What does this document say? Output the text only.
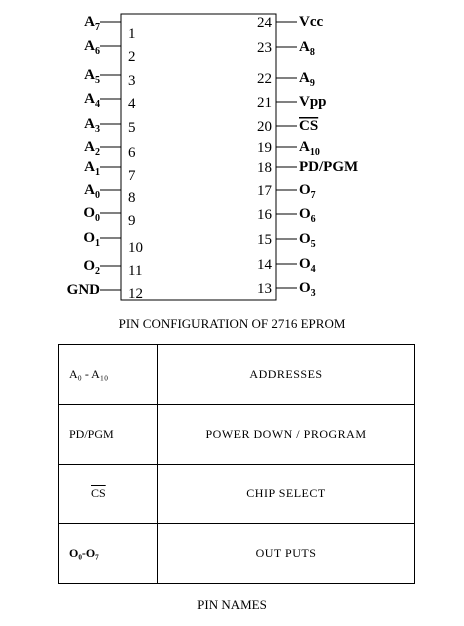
$A_7$ 1
$A_6$ 2
$A_5$ 3
$A_4$ 4
$A_3$ 5
$A_2$ 6
$A_1$ 7
$A_0$ 8
$O_0$ 9
$O_1$ 10
$O_2$ 11
GND 12
Vcc
24
$A_8$
23
$A_9$
22
Vpp
21
CS
20
$A_{10}$
19
PD/PGM
18
$O_7$
17
$O_6$
16
$O_5$
15
$O_4$
14
$O_3$
13
PIN CONFIGURATION OF 2716 EPROM
A₀ - A₁₀	ADDRESSES
PD/PGM	POWER DOWN / PROGRAM
$\overline{CS}$	CHIP SELECT
O₀-O₇	OUT PUTS
PIN NAMES
